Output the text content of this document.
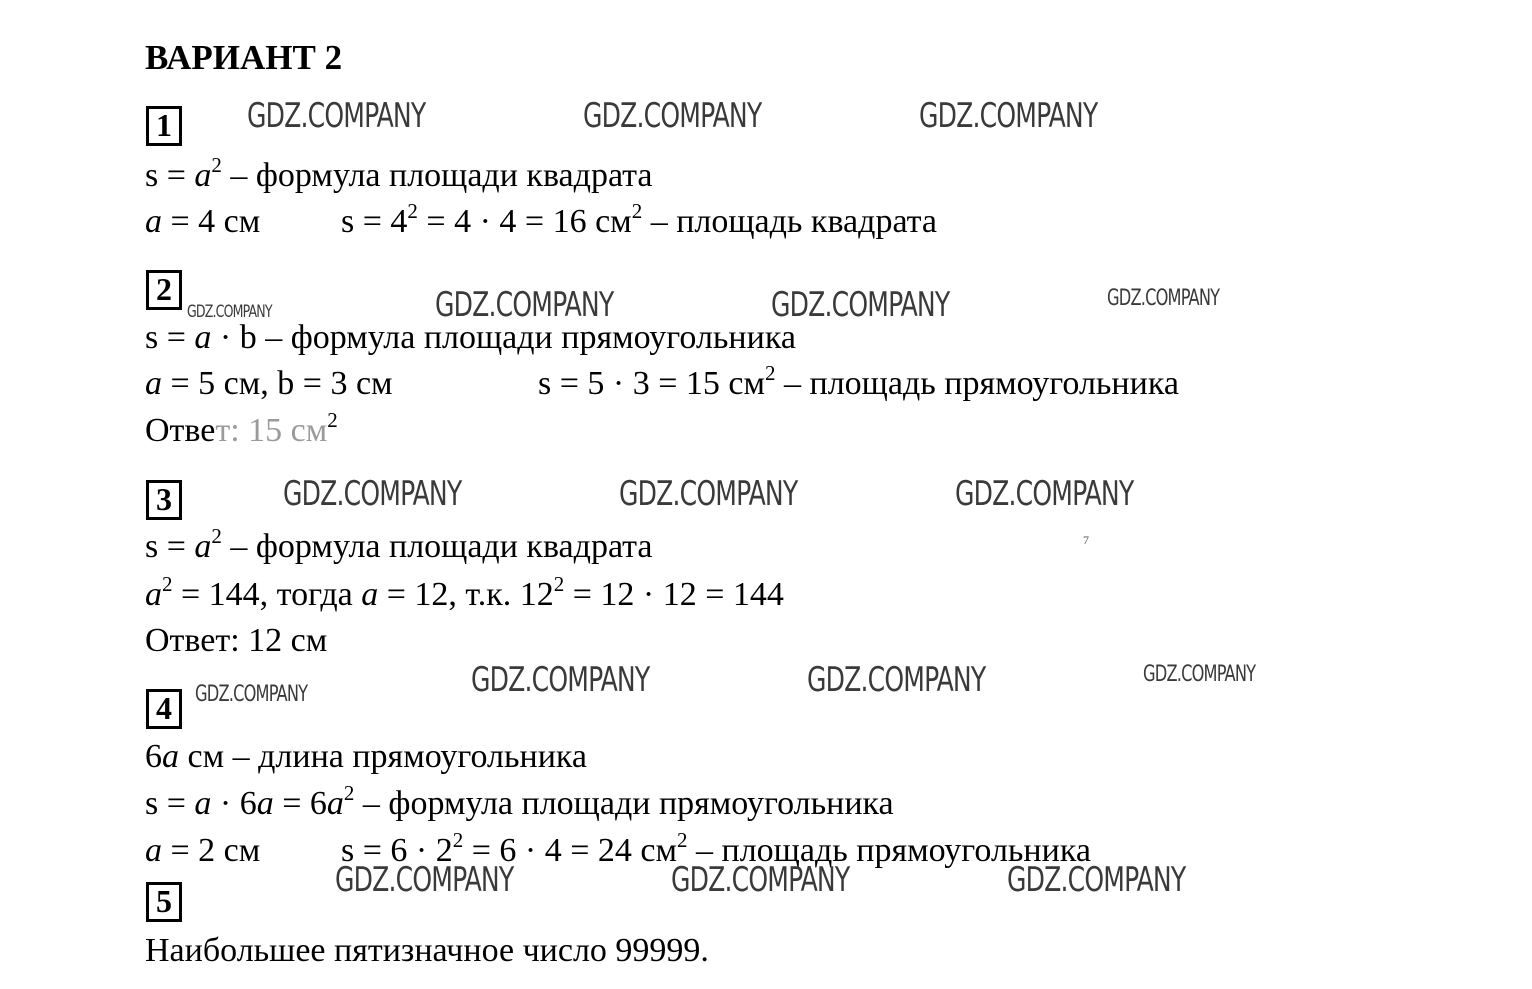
ВАРИАНТ 2
1
2
3
4
5
$s = a^2$ – формула площади квадрата
a = 4 см $s = 4^2 = 4 \cdot 4 = 16$ $см^2$ – площадь квадрата
s = a · b – формула площади прямоугольника
a = 5 см, b = 3 см	s = 5 · 3 = 15 $см^2$ – площадь прямоугольника
Ответ: 15 $см^2$
$s = a^2$ – формула площади квадрата
$a^2 = 144$, тогда a = 12, т.к. $12^2 = 12 \cdot 12 = 144$
Ответ: 12 см
7
6a см – длина прямоугольника
$s = a \cdot 6a = 6a^2$ – формула площади прямоугольника
a = 2 см $s = 6 \cdot 2^2 = 6 \cdot 4 = 24$ $см^2$ – площадь прямоугольника
Наибольшее пятизначное число 99999.
GDZ.COMPANY	GDZ.COMPANY	GDZ.COMPANY
GDZ.COMPANY	GDZ.COMPANY	GDZ.COMPANY	GDZ.COMPANY
GDZ.COMPANY	GDZ.COMPANY	GDZ.COMPANY
GDZ.COMPANY	GDZ.COMPANY	GDZ.COMPANY	GDZ.COMPANY
GDZ.COMPANY	GDZ.COMPANY	GDZ.COMPANY
